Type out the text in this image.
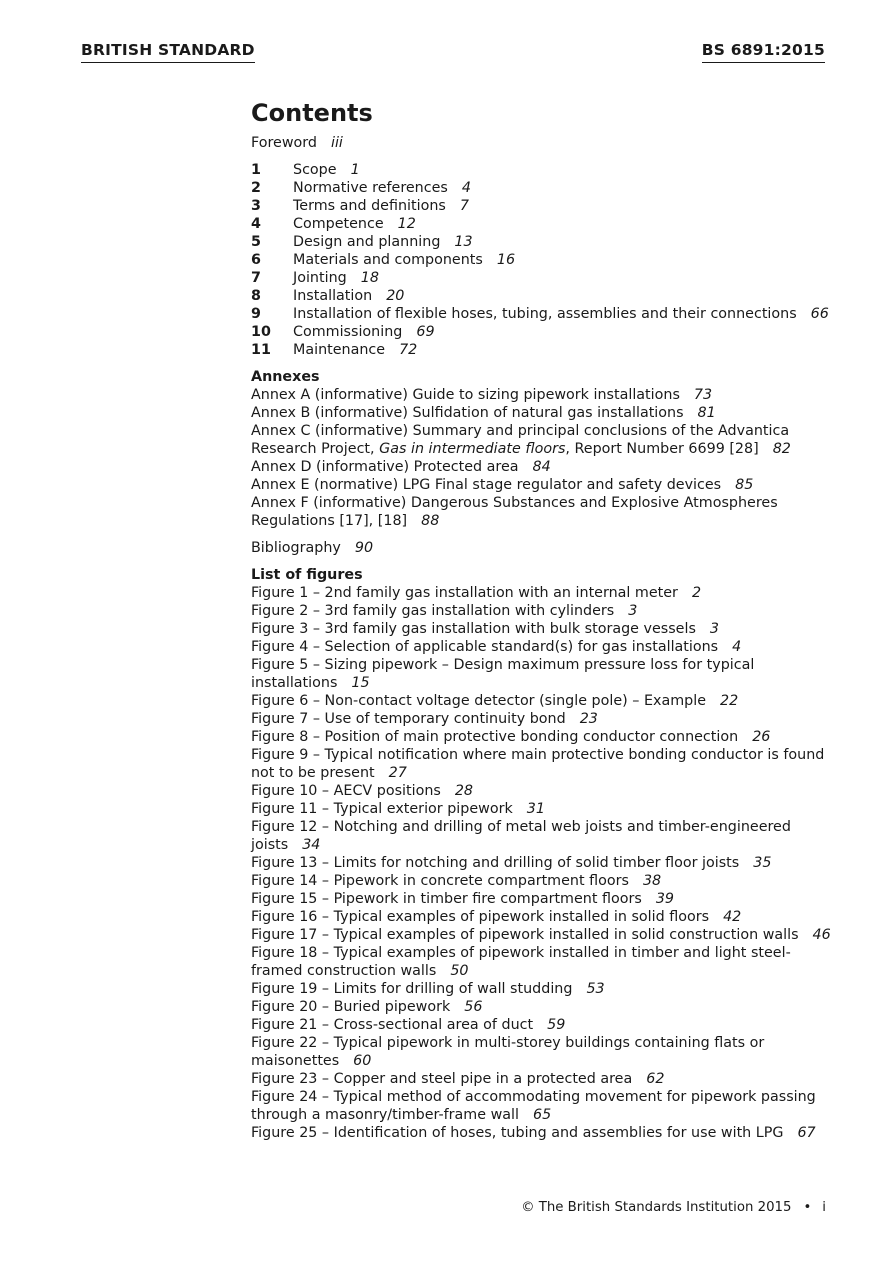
BRITISH STANDARD	BS 6891:2015
Contents
Foreword iii
1	Scope 1
2	Normative references 4
3	Terms and definitions 7
4	Competence 12
5	Design and planning 13
6	Materials and components 16
7	Jointing 18
8	Installation 20
9	Installation of flexible hoses, tubing, assemblies and their connections 66
10	Commissioning 69
11	Maintenance 72
Annexes
Annex A (informative) Guide to sizing pipework installations 73
Annex B (informative) Sulfidation of natural gas installations 81
Annex C (informative) Summary and principal conclusions of the Advantica Research Project, Gas in intermediate floors, Report Number 6699 [28] 82
Annex D (informative) Protected area 84
Annex E (normative) LPG Final stage regulator and safety devices 85
Annex F (informative) Dangerous Substances and Explosive Atmospheres Regulations [17], [18] 88
Bibliography 90
List of figures
Figure 1 – 2nd family gas installation with an internal meter 2
Figure 2 – 3rd family gas installation with cylinders 3
Figure 3 – 3rd family gas installation with bulk storage vessels 3
Figure 4 – Selection of applicable standard(s) for gas installations 4
Figure 5 – Sizing pipework – Design maximum pressure loss for typical installations 15
Figure 6 – Non-contact voltage detector (single pole) – Example 22
Figure 7 – Use of temporary continuity bond 23
Figure 8 – Position of main protective bonding conductor connection 26
Figure 9 – Typical notification where main protective bonding conductor is found not to be present 27
Figure 10 – AECV positions 28
Figure 11 – Typical exterior pipework 31
Figure 12 – Notching and drilling of metal web joists and timber-engineered joists 34
Figure 13 – Limits for notching and drilling of solid timber floor joists 35
Figure 14 – Pipework in concrete compartment floors 38
Figure 15 – Pipework in timber fire compartment floors 39
Figure 16 – Typical examples of pipework installed in solid floors 42
Figure 17 – Typical examples of pipework installed in solid construction walls 46
Figure 18 – Typical examples of pipework installed in timber and light steel-framed construction walls 50
Figure 19 – Limits for drilling of wall studding 53
Figure 20 – Buried pipework 56
Figure 21 – Cross-sectional area of duct 59
Figure 22 – Typical pipework in multi-storey buildings containing flats or maisonettes 60
Figure 23 – Copper and steel pipe in a protected area 62
Figure 24 – Typical method of accommodating movement for pipework passing through a masonry/timber-frame wall 65
Figure 25 – Identification of hoses, tubing and assemblies for use with LPG 67
© The British Standards Institution 2015 • i
